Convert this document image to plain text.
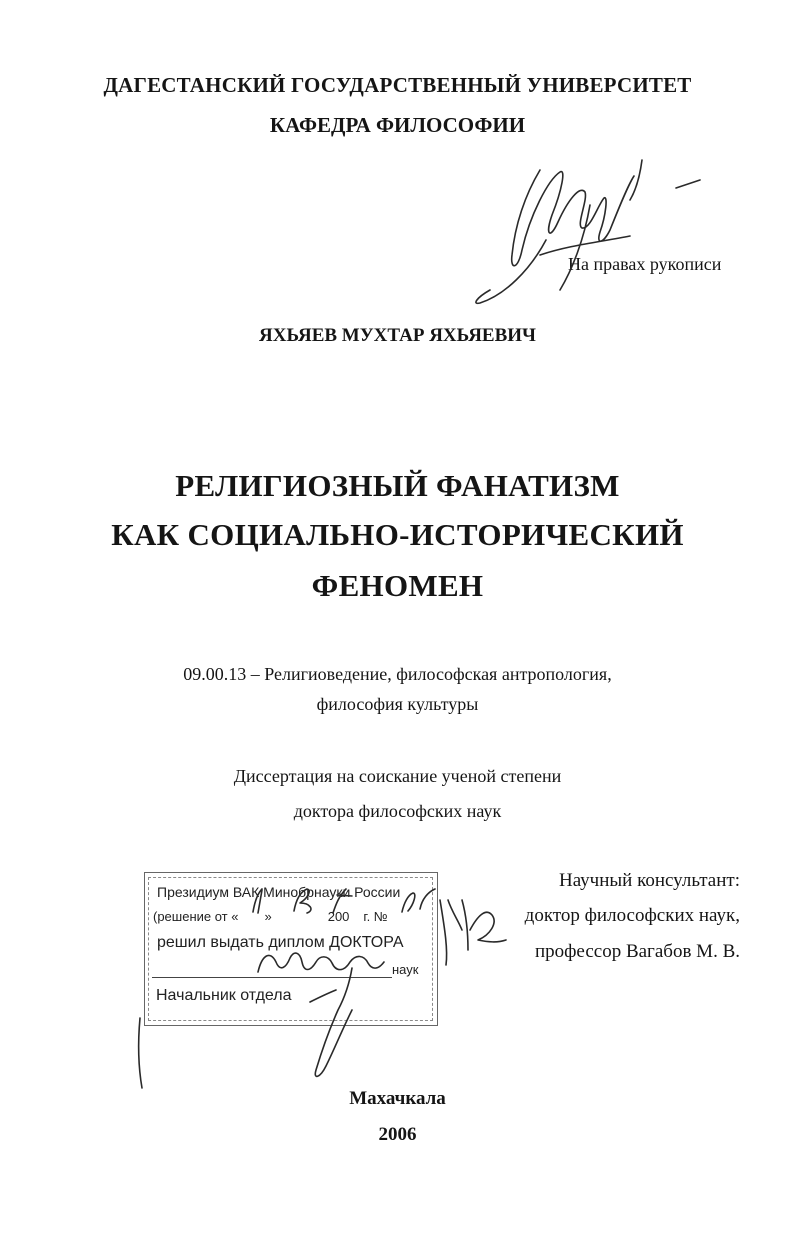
ДАГЕСТАНСКИЙ ГОСУДАРСТВЕННЫЙ УНИВЕРСИТЕТ
КАФЕДРА ФИЛОСОФИИ
На правах рукописи
ЯХЬЯЕВ МУХТАР ЯХЬЯЕВИЧ
РЕЛИГИОЗНЫЙ ФАНАТИЗМ
КАК СОЦИАЛЬНО-ИСТОРИЧЕСКИЙ
ФЕНОМЕН
09.00.13 – Религиоведение, философская антропология,
философия культуры
Диссертация на соискание ученой степени
доктора философских наук
Научный консультант:
доктор философских наук,
профессор Вагабов М. В.
Президиум ВАК Минобрнауки России
(решение от « »	200 г. №
решил выдать диплом ДОКТОРА
наук
Начальник отдела
Махачкала
2006
